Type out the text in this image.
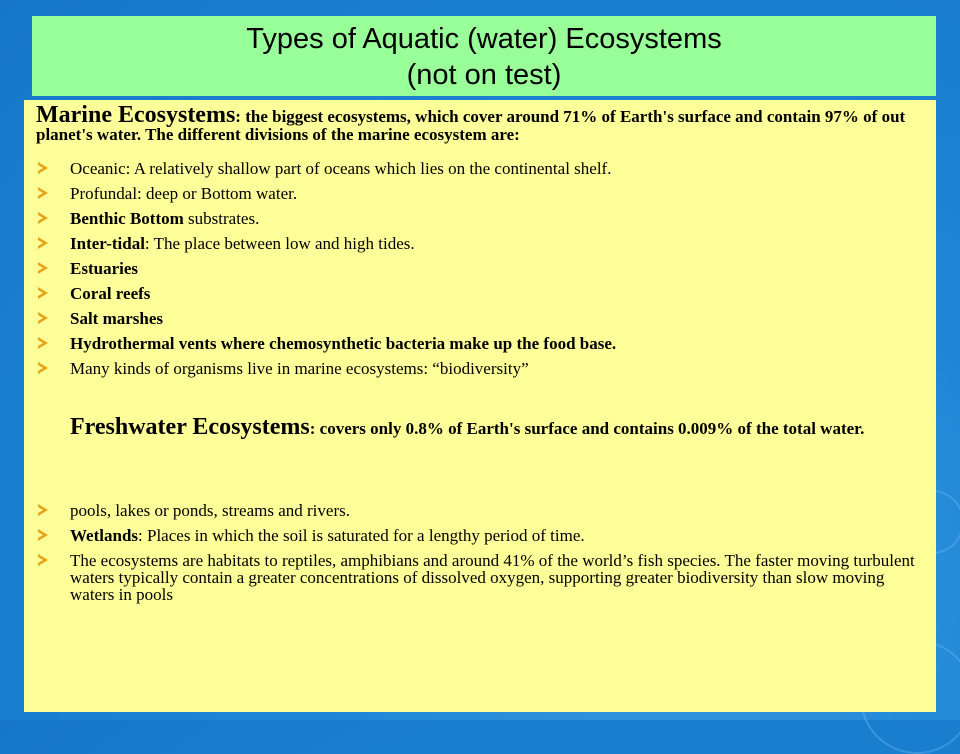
Types of Aquatic (water) Ecosystems
(not on test)
Marine Ecosystems: the biggest ecosystems, which cover around 71% of Earth's surface and contain 97% of out planet's water. The different divisions of the marine ecosystem are:
Oceanic: A relatively shallow part of oceans which lies on the continental shelf.
Profundal: deep or Bottom water.
Benthic Bottom substrates.
Inter-tidal: The place between low and high tides.
Estuaries
Coral reefs
Salt marshes
Hydrothermal vents where chemosynthetic bacteria make up the food base.
Many kinds of organisms live in marine ecosystems: “biodiversity”
Freshwater Ecosystems: covers only 0.8% of Earth's surface and contains 0.009% of the total water.
pools, lakes or ponds, streams and rivers.
Wetlands: Places in which the soil is saturated for a lengthy period of time.
The ecosystems are habitats to reptiles, amphibians and around 41% of the world’s fish species. The faster moving turbulent waters typically contain a greater concentrations of dissolved oxygen, supporting greater biodiversity than slow moving waters in pools
